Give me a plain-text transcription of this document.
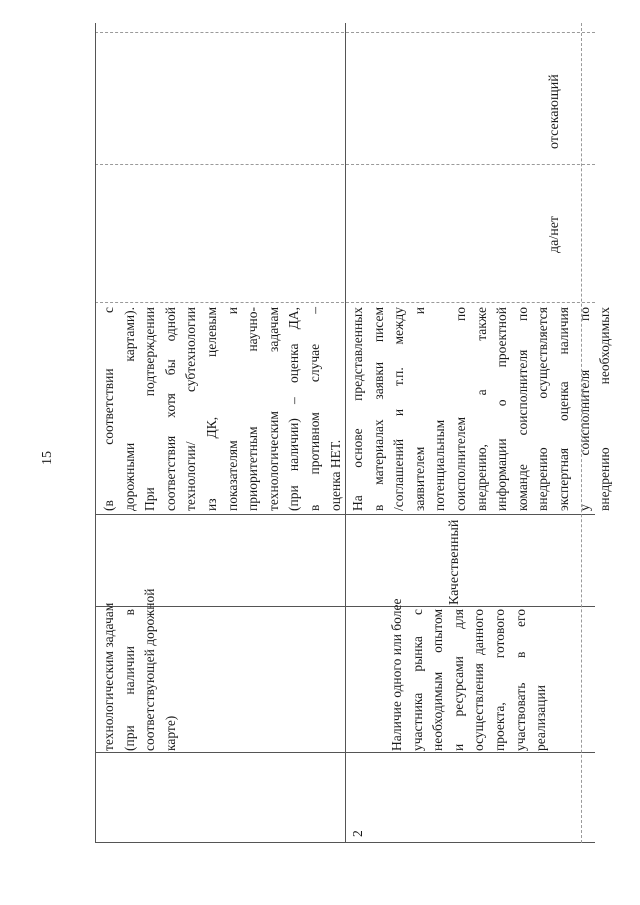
15
технологическим задачам (при наличии в соответствующей дорожной карте)
(в соответствии с дорожными картами). При подтверждении соответствия хотя бы одной технологии/ субтехнологии из ДК, целевым показателям и приоритетным научно- технологическим задачам (при наличии) – оценка ДА, в противном случае – оценка НЕТ.
2
Наличие одного или более участника рынка с необходимым опытом и ресурсами для осуществления данного проекта, готового участвовать в его реализации
Качественный
На основе представленных в материалах заявки писем /соглашений и т.п. между заявителем и потенциальным соисполнителем по внедрению, а также информации о проектной команде соисполнителя по внедрению осуществляется экспертная оценка наличия у соисполнителя по внедрению необходимых
да/нет
отсекающий
